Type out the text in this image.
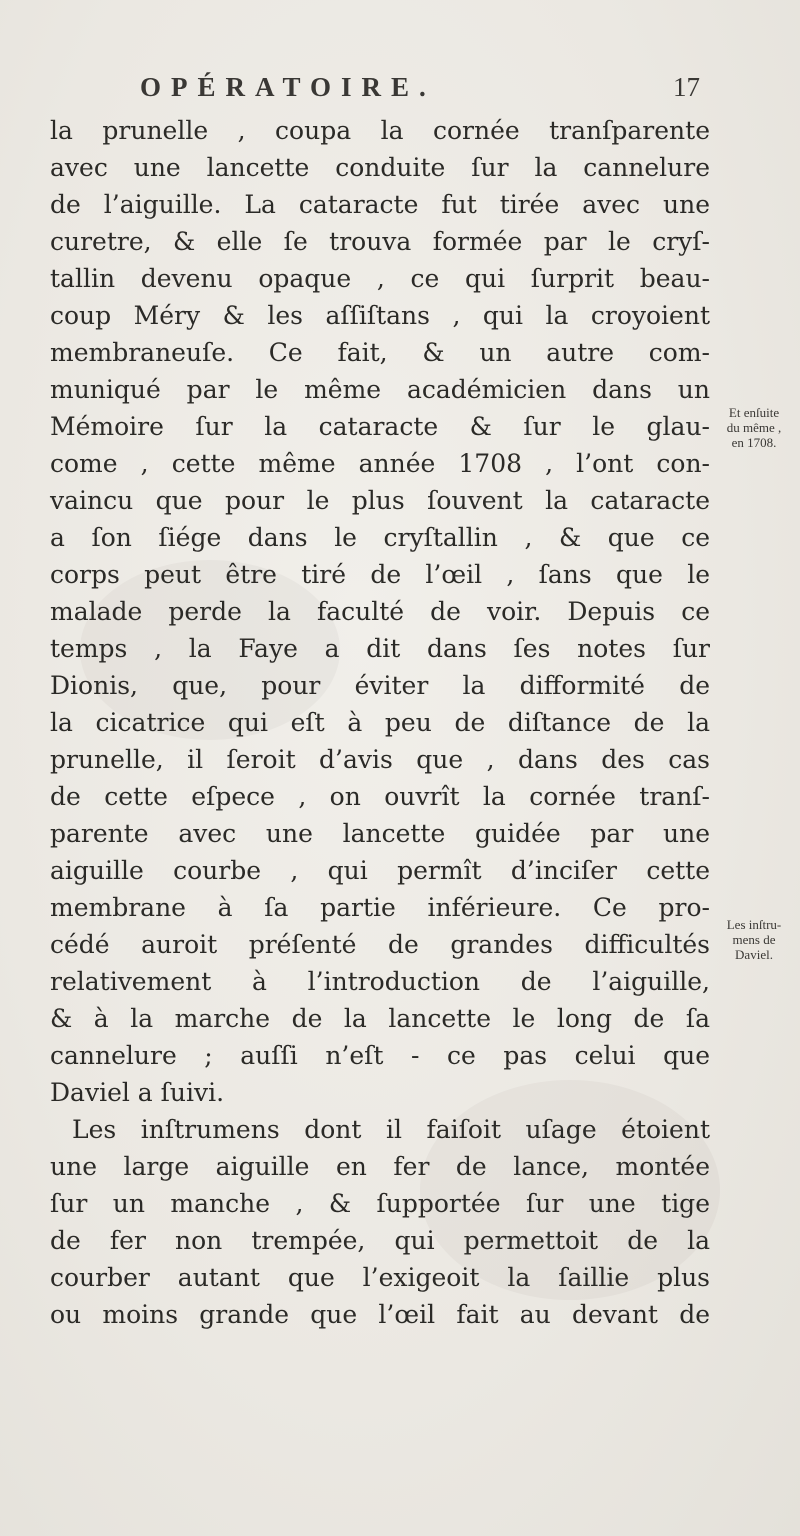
OPÉRATOIRE.	17
la prunelle , coupa la cornée tranſparente
avec une lancette conduite ſur la cannelure
de l’aiguille. La cataracte fut tirée avec une
curetre, & elle ſe trouva formée par le cryſ-
tallin devenu opaque , ce qui ſurprit beau-
coup Méry & les aſſiſtans , qui la croyoient
membraneuſe. Ce fait, & un autre com-
muniqué par le même académicien dans un
Mémoire ſur la cataracte & ſur le glau-
come , cette même année 1708 , l’ont con-
vaincu que pour le plus ſouvent la cataracte
a ſon ſiége dans le cryſtallin , & que ce
corps peut être tiré de l’œil , ſans que le
malade perde la faculté de voir. Depuis ce
temps , la Faye a dit dans ſes notes ſur
Dionis, que, pour éviter la difformité de
la cicatrice qui eſt à peu de diſtance de la
prunelle, il ſeroit d’avis que , dans des cas
de cette eſpece , on ouvrît la cornée tranſ-
parente avec une lancette guidée par une
aiguille courbe , qui permît d’inciſer cette
membrane à ſa partie inférieure. Ce pro-
cédé auroit préſenté de grandes difficultés
relativement à l’introduction de l’aiguille,
& à la marche de la lancette le long de ſa
cannelure ; auſſi n’eſt - ce pas celui que
Daviel a ſuivi.
Les inſtrumens dont il faiſoit uſage étoient
une large aiguille en fer de lance, montée
ſur un manche , & ſupportée ſur une tige
de fer non trempée, qui permettoit de la
courber autant que l’exigeoit la ſaillie plus
ou moins grande que l’œil fait au devant de
Et enſuite
du même ,
en 1708.
Les inſtru-
mens de
Daviel.
